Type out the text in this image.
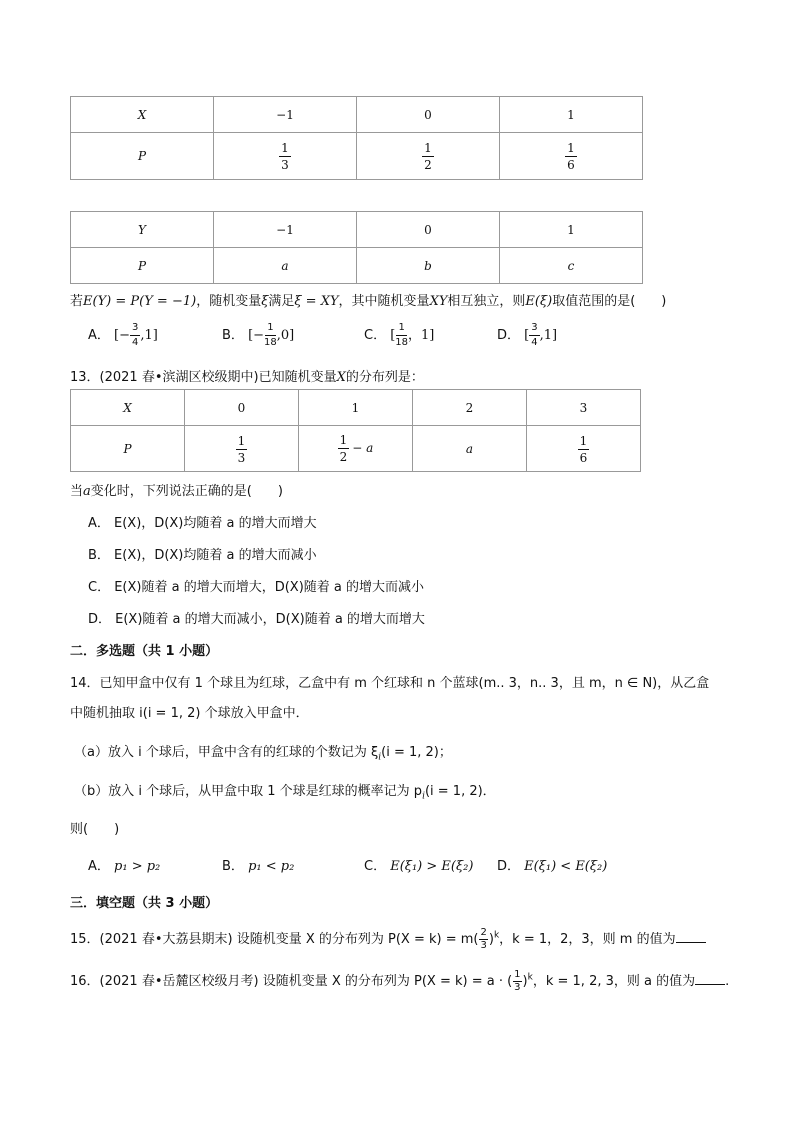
X	−1	0	1
P	$\frac{1}{3}$	$\frac{1}{2}$	$\frac{1}{6}$
Y	−1	0	1
P	a	b	c
若E(Y) = P(Y = −1)，随机变量ξ满足ξ = XY，其中随机变量XY相互独立，则E(ξ)取值范围的是(　　)
A． [− $\frac{3}{4} ,1$]	B． [− $\frac{1}{18} ,0$]	C． [ $\frac{1}{18}$ ，1]	D． [ $\frac{3}{4} ,1$]
13．(2021 春•滨湖区校级期中)已知随机变量X的分布列是：
X	0	1	2	3
P	$\frac{1}{3}$	$\frac{1}{2} - a$	a	$\frac{1}{6}$
当a变化时，下列说法正确的是(　　)
A． E(X)，D(X)均随着 a 的增大而增大
B． E(X)，D(X)均随着 a 的增大而减小
C． E(X)随着 a 的增大而增大，D(X)随着 a 的增大而减小
D． E(X)随着 a 的增大而减小，D(X)随着 a 的增大而增大
二．多选题（共 1 小题）
14．已知甲盒中仅有 1 个球且为红球，乙盒中有 m 个红球和 n 个蓝球(m.. 3，n.. 3，且 m，n ∈ N)，从乙盒
中随机抽取 i(i = 1, 2) 个球放入甲盒中．
（a）放入 i 个球后，甲盒中含有的红球的个数记为 $\xi_i(i = 1$, 2)；
（b）放入 i 个球后，从甲盒中取 1 个球是红球的概率记为 $p_i(i = 1$, 2)．
则(　　)
A． p₁ > p₂	B． p₁ < p₂	C． E(ξ₁) > E(ξ₂) D． E(ξ₁) < E(ξ₂)
三．填空题（共 3 小题）
15．(2021 春•大荔县期末) 设随机变量 X 的分布列为 $P(X = k) = m( \frac{2}{3} )^k$，k = 1，2，3，则 m 的值为
16．(2021 春•岳麓区校级月考) 设随机变量 X 的分布列为 P(X = k) = a · ( $\frac{1}{3} )^k$，k = 1, 2, 3，则 a 的值为 .
